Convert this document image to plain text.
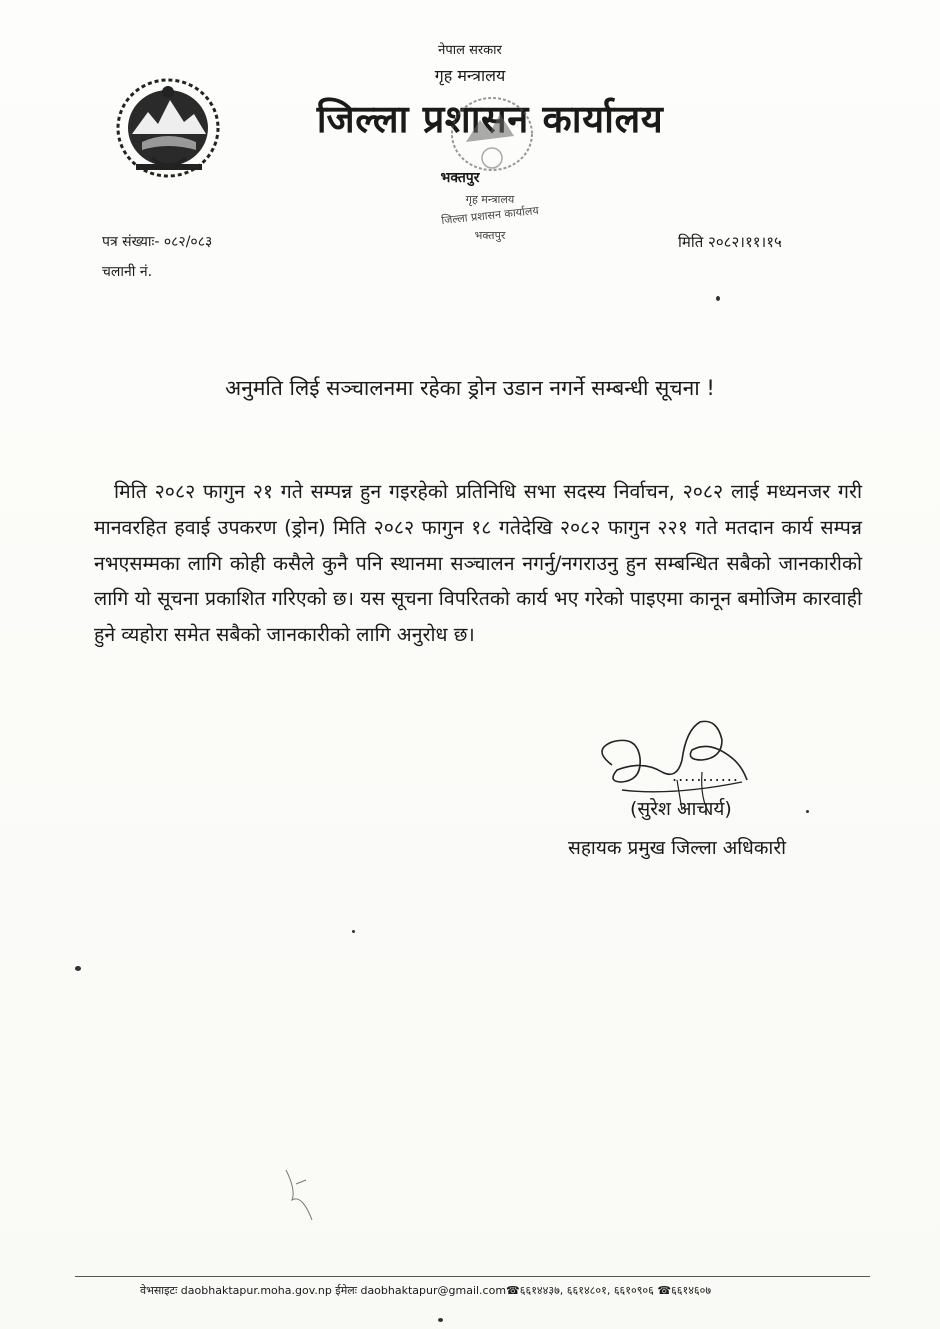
नेपाल सरकार
गृह मन्त्रालय
जिल्ला प्रशासन कार्यालय
गृह मन्त्रालय
जिल्ला प्रशासन कार्यालय
भक्तपुर
भक्तपुर
पत्र संख्याः- ०८२/०८३
चलानी नं.
मिति २०८२।११।१५
अनुमति लिई सञ्चालनमा रहेका ड्रोन उडान नगर्ने सम्बन्धी सूचना !
मिति २०८२ फागुन २१ गते सम्पन्न हुन गइरहेको प्रतिनिधि सभा सदस्य निर्वाचन, २०८२ लाई मध्यनजर गरी मानवरहित हवाई उपकरण (ड्रोन) मिति २०८२ फागुन १८ गतेदेखि २०८२ फागुन २२१ गते मतदान कार्य सम्पन्न नभएसम्मका लागि कोही कसैले कुनै पनि स्थानमा सञ्चालन नगर्नु/नगराउनु हुन सम्बन्धित सबैको जानकारीको लागि यो सूचना प्रकाशित गरिएको छ। यस सूचना विपरितको कार्य भए गरेको पाइएमा कानून बमोजिम कारवाही हुने व्यहोरा समेत सबैको जानकारीको लागि अनुरोध छ।
...........
(सुरेश आचार्य)
सहायक प्रमुख जिल्ला अधिकारी
वेभसाइटः daobhaktapur.moha.gov.np ईमेलः daobhaktapur@gmail.com☎६६१४४३७, ६६१४८०१, ६६१०९०६ ☎६६१४६०७
